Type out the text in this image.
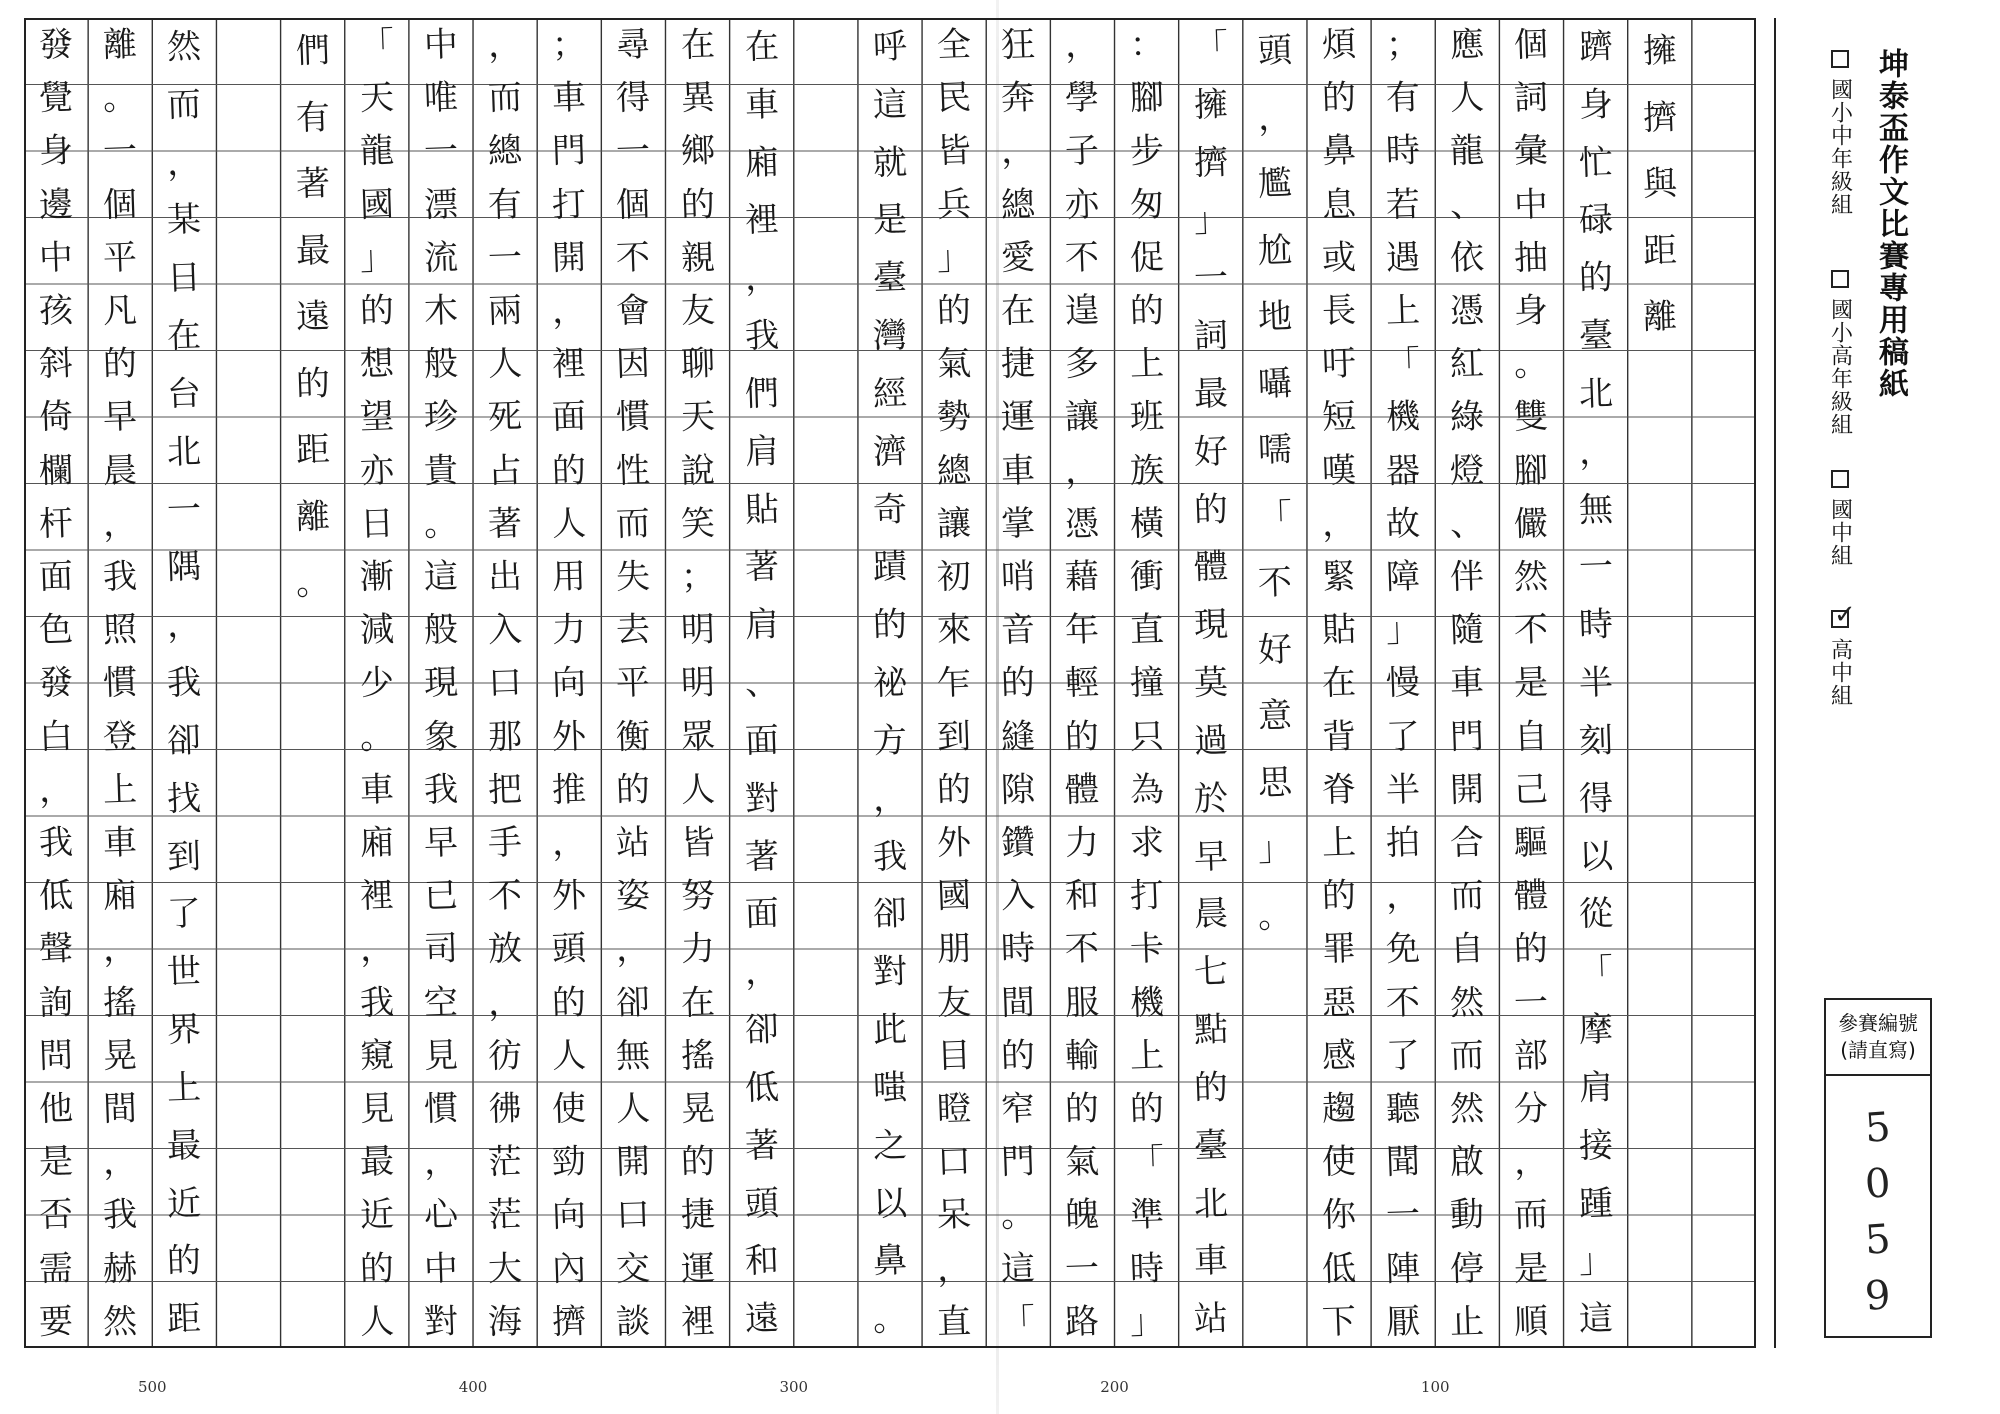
擁
擠
與
距
離
躋
身
忙
碌
的
臺
北
，
無
一
時
半
刻
得
以
從
「
摩
肩
接
踵
」
這
個
詞
彙
中
抽
身
。
雙
腳
儼
然
不
是
自
己
驅
體
的
一
部
分
，
而
是
順
應
人
龍
、
依
憑
紅
綠
燈
、
伴
隨
車
門
開
合
而
自
然
而
然
啟
動
停
止
；
有
時
若
遇
上
「
機
器
故
障
」
慢
了
半
拍
，
免
不
了
聽
聞
一
陣
厭
煩
的
鼻
息
或
長
吁
短
嘆
，
緊
貼
在
背
脊
上
的
罪
惡
感
趨
使
你
低
下
頭
，
尷
尬
地
囁
嚅
「
不
好
意
思
」
。
「
擁
擠
」
一
詞
最
好
的
體
現
莫
過
於
早
晨
七
點
的
臺
北
車
站
：
腳
步
匆
促
的
上
班
族
橫
衝
直
撞
只
為
求
打
卡
機
上
的
「
準
時
」
，
學
子
亦
不
遑
多
讓
，
憑
藉
年
輕
的
體
力
和
不
服
輸
的
氣
魄
一
路
狂
奔
，
總
愛
在
捷
運
車
掌
哨
音
的
縫
隙
鑽
入
時
間
的
窄
門
。
這
「
全
民
皆
兵
」
的
氣
勢
總
讓
初
來
乍
到
的
外
國
朋
友
目
瞪
口
呆
，
直
呼
這
就
是
臺
灣
經
濟
奇
蹟
的
祕
方
，
我
卻
對
此
嗤
之
以
鼻
。
在
車
廂
裡
，
我
們
肩
貼
著
肩
、
面
對
著
面
，
卻
低
著
頭
和
遠
在
異
鄉
的
親
友
聊
天
說
笑
；
明
明
眾
人
皆
努
力
在
搖
晃
的
捷
運
裡
尋
得
一
個
不
會
因
慣
性
而
失
去
平
衡
的
站
姿
，
卻
無
人
開
口
交
談
；
車
門
打
開
，
裡
面
的
人
用
力
向
外
推
，
外
頭
的
人
使
勁
向
內
擠
，
而
總
有
一
兩
人
死
占
著
出
入
口
那
把
手
不
放
，
彷
彿
茫
茫
大
海
中
唯
一
漂
流
木
般
珍
貴
。
這
般
現
象
我
早
已
司
空
見
慣
，
心
中
對
「
天
龍
國
」
的
想
望
亦
日
漸
減
少
。
車
廂
裡
，
我
窺
見
最
近
的
人
們
有
著
最
遠
的
距
離
。
然
而
，
某
日
在
台
北
一
隅
，
我
卻
找
到
了
世
界
上
最
近
的
距
離
。
一
個
平
凡
的
早
晨
，
我
照
慣
登
上
車
廂
，
搖
晃
間
，
我
赫
然
發
覺
身
邊
中
孩
斜
倚
欄
杆
面
色
發
白
，
我
低
聲
詢
問
他
是
否
需
要
500	400	300	200	100
坤泰盃作文比賽專用稿紙
國小中年級組
國小高年級組
國中組
✓
高中組
參賽編號
(請直寫)
5
0
5
9
